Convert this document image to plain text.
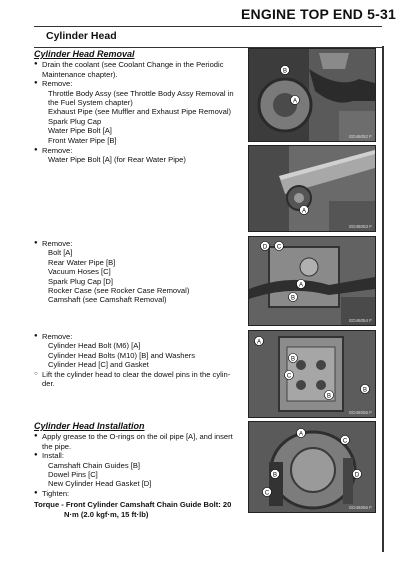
ENGINE TOP END 5-31
Cylinder Head
Cylinder Head Removal
● Drain the coolant (see Coolant Change in the Periodic
Maintenance chapter).
● Remove:
Throttle Body Assy (see Throttle Body Assy Removal in
the Fuel System chapter)
Exhaust Pipe (see Muffler and Exhaust Pipe Removal)
Spark Plug Cap
Water Pipe Bolt [A]
Front Water Pipe [B]
● Remove:
Water Pipe Bolt [A] (for Rear Water Pipe)
● Remove:
Bolt [A]
Rear Water Pipe [B]
Vacuum Hoses [C]
Spark Plug Cap [D]
Rocker Case (see Rocker Case Removal)
Camshaft (see Camshaft Removal)
● Remove:
Cylinder Head Bolt (M6) [A]
Cylinder Head Bolts (M10) [B] and Washers
Cylinder Head [C] and Gasket
○ Lift the cylinder head to clear the dowel pins in the cylin-
der.
Cylinder Head Installation
● Apply grease to the O-rings on the oil pipe [A], and insert
the pipe.
● Install:
Camshaft Chain Guides [B]
Dowel Pins [C]
New Cylinder Head Gasket [D]
● Tighten:
Torque - Front Cylinder Camshaft Chain Guide Bolt: 20
N·m (2.0 kgf·m, 15 ft·lb)
B
A
ED46052 F
A
ED46053 F
D C
A
B
ED46054 F
A
B
C
B
B
ED46055 F
A
C
B	D
C
ED46056 F
